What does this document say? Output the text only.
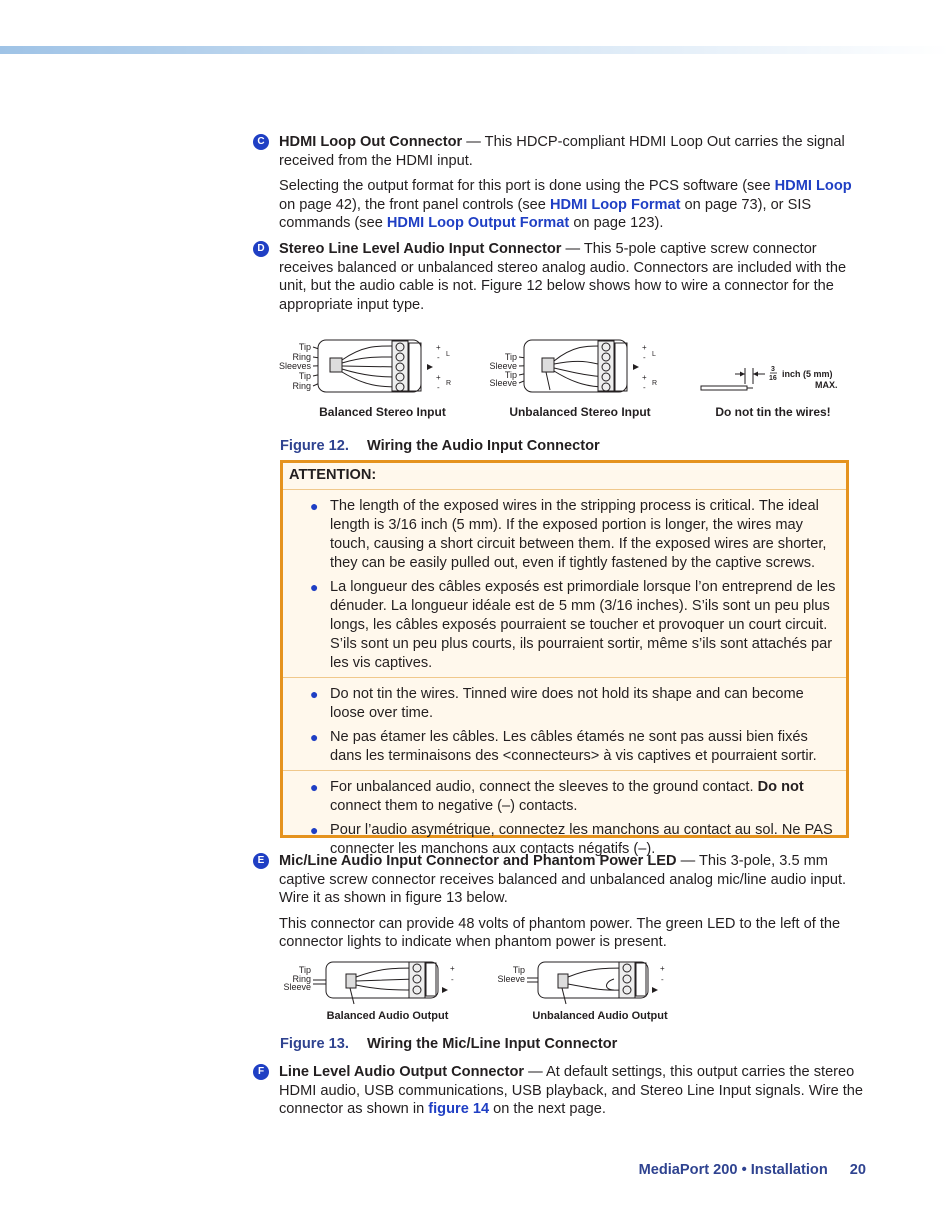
C HDMI Loop Out Connector — This HDCP-compliant HDMI Loop Out carries the signal received from the HDMI input.

Selecting the output format for this port is done using the PCS software (see HDMI Loop on page 42), the front panel controls (see HDMI Loop Format on page 73), or SIS commands (see HDMI Loop Output Format on page 123).

D Stereo Line Level Audio Input Connector — This 5-pole captive screw connector receives balanced or unbalanced stereo analog audio. Connectors are included with the unit, but the audio cable is not. Figure 12 below shows how to wire a connector for the appropriate input type.

Tip
Ring
Sleeves
Tip
Ring
+
-
+
-
L
R
Balanced Stereo Input
Tip
Sleeve
Tip
Sleeve
+
-
+
-
L
R
Unbalanced Stereo Input
3
16 inch (5 mm)
MAX.
Do not tin the wires!
Figure 12. Wiring the Audio Input Connector
ATTENTION:
● The length of the exposed wires in the stripping process is critical. The ideal length is 3/16 inch (5 mm). If the exposed portion is longer, the wires may touch, causing a short circuit between them. If the exposed wires are shorter, they can be easily pulled out, even if tightly fastened by the captive screws.
● La longueur des câbles exposés est primordiale lorsque l’on entreprend de les dénuder. La longueur idéale est de 5 mm (3/16 inches). S’ils sont un peu plus longs, les câbles exposés pourraient se toucher et provoquer un court circuit. S’ils sont un peu plus courts, ils pourraient sortir, même s’ils sont attachés par les vis captives.
● Do not tin the wires. Tinned wire does not hold its shape and can become loose over time.
● Ne pas étamer les câbles. Les câbles étamés ne sont pas aussi bien fixés dans les terminaisons des <connecteurs> à vis captives et pourraient sortir.
● For unbalanced audio, connect the sleeves to the ground contact. Do not connect them to negative (–) contacts.
● Pour l’audio asymétrique, connectez les manchons au contact au sol. Ne PAS connecter les manchons aux contacts négatifs (–).
E	Mic/Line Audio Input Connector and Phantom Power LED — This 3-pole, 3.5 mm captive screw connector receives balanced and unbalanced analog mic/line audio input. Wire it as shown in figure 13 below.

This connector can provide 48 volts of phantom power. The green LED to the left of the connector lights to indicate when phantom power is present.

Tip
Ring
Sleeve
+
-
Balanced Audio Output
Tip
Sleeve
+
-
Unbalanced Audio Output
Figure 13. Wiring the Mic/Line Input Connector
F	Line Level Audio Output Connector — At default settings, this output carries the stereo HDMI audio, USB communications, USB playback, and Stereo Line Input signals. Wire the connector as shown in figure 14 on the next page.

MediaPort 200 • Installation 20
